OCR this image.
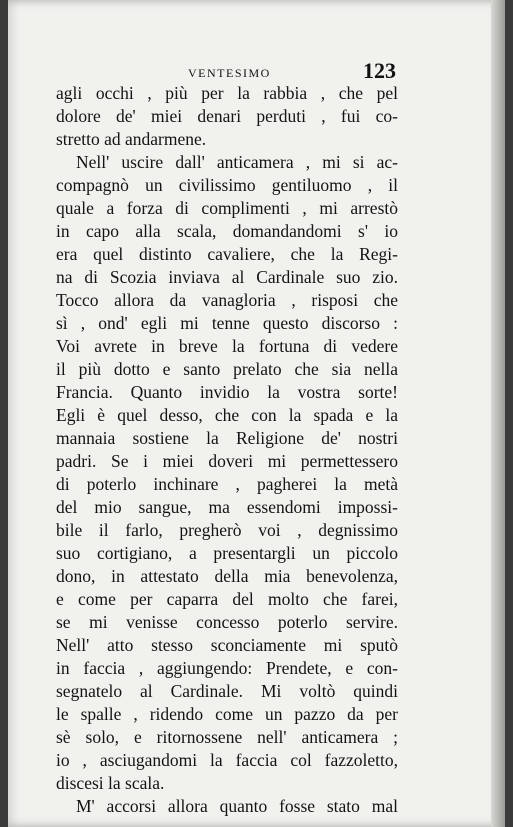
VENTESIMO	123
agli occhi , più per la rabbia , che pel
dolore de' miei denari perduti , fui co-
stretto ad andarmene.
Nell' uscire dall' anticamera , mi si ac-
compagnò un civilissimo gentiluomo , il
quale a forza di complimenti , mi arrestò
in capo alla scala, domandandomi s' io
era quel distinto cavaliere, che la Regi-
na di Scozia inviava al Cardinale suo zio.
Tocco allora da vanagloria , risposi che
sì , ond' egli mi tenne questo discorso :
Voi avrete in breve la fortuna di vedere
il più dotto e santo prelato che sia nella
Francia. Quanto invidio la vostra sorte!
Egli è quel desso, che con la spada e la
mannaia sostiene la Religione de' nostri
padri. Se i miei doveri mi permettessero
di poterlo inchinare , pagherei la metà
del mio sangue, ma essendomi impossi-
bile il farlo, pregherò voi , degnissimo
suo cortigiano, a presentargli un piccolo
dono, in attestato della mia benevolenza,
e come per caparra del molto che farei,
se mi venisse concesso poterlo servire.
Nell' atto stesso sconciamente mi sputò
in faccia , aggiungendo: Prendete, e con-
segnatelo al Cardinale. Mi voltò quindi
le spalle , ridendo come un pazzo da per
sè solo, e ritornossene nell' anticamera ;
io , asciugandomi la faccia col fazzoletto,
discesi la scala.
M' accorsi allora quanto fosse stato mal
